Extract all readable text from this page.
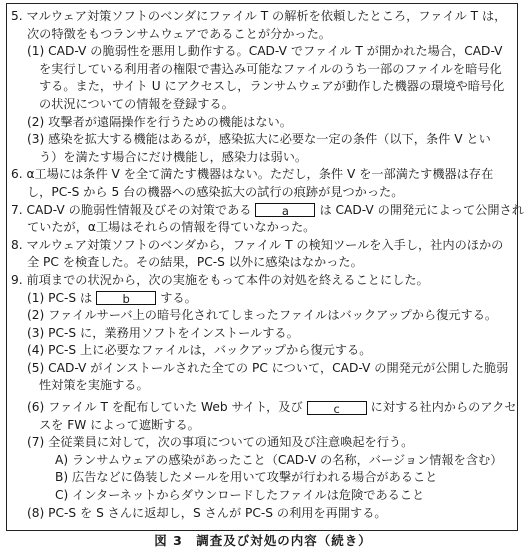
5. マルウェア対策ソフトのベンダにファイル T の解析を依頼したところ，ファイル T は，
次の特徴をもつランサムウェアであることが分かった。
(1) CAD-V の脆弱性を悪用し動作する。CAD-V でファイル T が開かれた場合，CAD-V
を実行している利用者の権限で書込み可能なファイルのうち一部のファイルを暗号化
する。また，サイト U にアクセスし，ランサムウェアが動作した機器の環境や暗号化
の状況についての情報を登録する。
(2) 攻撃者が遠隔操作を行うための機能はない。
(3) 感染を拡大する機能はあるが，感染拡大に必要な一定の条件（以下，条件 V とい
う）を満たす場合にだけ機能し，感染力は弱い。
6. α工場には条件 V を全て満たす機器はない。ただし，条件 V を一部満たす機器は存在
し，PC-S から 5 台の機器への感染拡大の試行の痕跡が見つかった。
7. CAD-V の脆弱性情報及びその対策である	a は CAD-V の開発元によって公開され
ていたが，α工場はそれらの情報を得ていなかった。
8. マルウェア対策ソフトのベンダから，ファイル T の検知ツールを入手し，社内のほかの
全 PC を検査した。その結果，PC-S 以外に感染はなかった。
9. 前項までの状況から，次の実施をもって本件の対処を終えることにした。
(1) PC-S は	b する。
(2) ファイルサーバ上の暗号化されてしまったファイルはバックアップから復元する。
(3) PC-S に，業務用ソフトをインストールする。
(4) PC-S 上に必要なファイルは，バックアップから復元する。
(5) CAD-V がインストールされた全ての PC について，CAD-V の開発元が公開した脆弱
性対策を実施する。
(6) ファイル T を配布していた Web サイト，及び	c	に対する社内からのアクセ
スを FW によって遮断する。
(7) 全従業員に対して，次の事項についての通知及び注意喚起を行う。
A) ランサムウェアの感染があったこと（CAD-V の名称，バージョン情報を含む）
B) 広告などに偽装したメールを用いて攻撃が行われる場合があること
C) インターネットからダウンロードしたファイルは危険であること
(8) PC-S を S さんに返却し，S さんが PC-S の利用を再開する。
図 3　調査及び対処の内容（続き）
